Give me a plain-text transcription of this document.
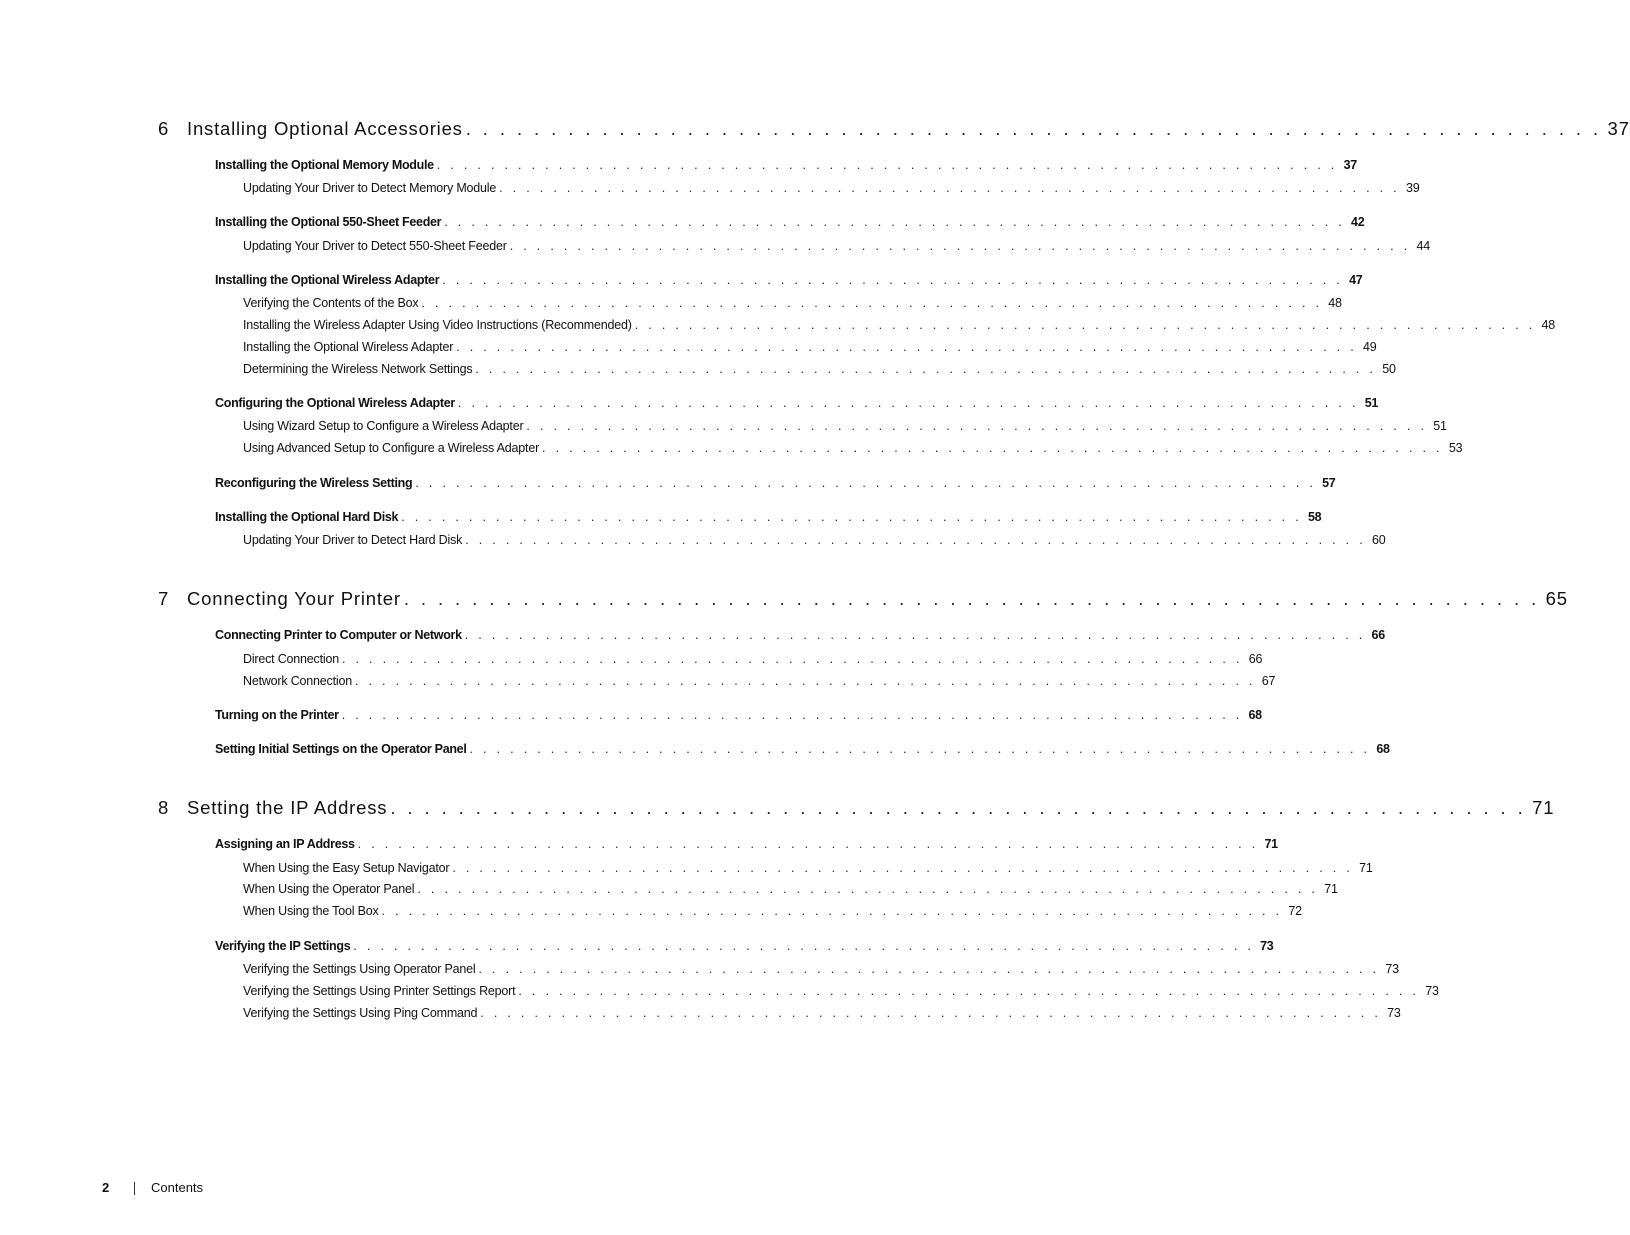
6 Installing Optional Accessories . . . . . . . . . . . . . . . . . . . . . . . . . . . . . . . . . . . . . . . . . . . . . . . . . . . . . . . . . . . . . . . . . . . 37
Installing the Optional Memory Module . . . . . . . . . . . . . . . . . . . . . . . . . . . . . . . . . . . . . . . . . . . . . . . . . . . . . . . . . . . . . . . . . . . 37
Updating Your Driver to Detect Memory Module . . . . . . . . . . . . . . . . . . . . . . . . . . . . . . . . . . . . . . . . . . . . . . . . . . . . . . . . . . . . . . . . . . . 39
Installing the Optional 550-Sheet Feeder . . . . . . . . . . . . . . . . . . . . . . . . . . . . . . . . . . . . . . . . . . . . . . . . . . . . . . . . . . . . . . . . . . . 42
Updating Your Driver to Detect 550-Sheet Feeder . . . . . . . . . . . . . . . . . . . . . . . . . . . . . . . . . . . . . . . . . . . . . . . . . . . . . . . . . . . . . . . . . . . 44
Installing the Optional Wireless Adapter . . . . . . . . . . . . . . . . . . . . . . . . . . . . . . . . . . . . . . . . . . . . . . . . . . . . . . . . . . . . . . . . . . . 47
Verifying the Contents of the Box . . . . . . . . . . . . . . . . . . . . . . . . . . . . . . . . . . . . . . . . . . . . . . . . . . . . . . . . . . . . . . . . . . . 48
Installing the Wireless Adapter Using Video Instructions (Recommended) . . . . . . . . . . . . . . . . . . . . . . . . . . . . . . . . . . . . . . . . . . . . . . . . . . . . . . . . . . . . . . . . . . . 48
Installing the Optional Wireless Adapter . . . . . . . . . . . . . . . . . . . . . . . . . . . . . . . . . . . . . . . . . . . . . . . . . . . . . . . . . . . . . . . . . . . 49
Determining the Wireless Network Settings . . . . . . . . . . . . . . . . . . . . . . . . . . . . . . . . . . . . . . . . . . . . . . . . . . . . . . . . . . . . . . . . . . . 50
Configuring the Optional Wireless Adapter . . . . . . . . . . . . . . . . . . . . . . . . . . . . . . . . . . . . . . . . . . . . . . . . . . . . . . . . . . . . . . . . . . . 51
Using Wizard Setup to Configure a Wireless Adapter . . . . . . . . . . . . . . . . . . . . . . . . . . . . . . . . . . . . . . . . . . . . . . . . . . . . . . . . . . . . . . . . . . . 51
Using Advanced Setup to Configure a Wireless Adapter . . . . . . . . . . . . . . . . . . . . . . . . . . . . . . . . . . . . . . . . . . . . . . . . . . . . . . . . . . . . . . . . . . . 53
Reconfiguring the Wireless Setting . . . . . . . . . . . . . . . . . . . . . . . . . . . . . . . . . . . . . . . . . . . . . . . . . . . . . . . . . . . . . . . . . . . 57
Installing the Optional Hard Disk . . . . . . . . . . . . . . . . . . . . . . . . . . . . . . . . . . . . . . . . . . . . . . . . . . . . . . . . . . . . . . . . . . . 58
Updating Your Driver to Detect Hard Disk . . . . . . . . . . . . . . . . . . . . . . . . . . . . . . . . . . . . . . . . . . . . . . . . . . . . . . . . . . . . . . . . . . . 60
7 Connecting Your Printer . . . . . . . . . . . . . . . . . . . . . . . . . . . . . . . . . . . . . . . . . . . . . . . . . . . . . . . . . . . . . . . . . . . 65
Connecting Printer to Computer or Network . . . . . . . . . . . . . . . . . . . . . . . . . . . . . . . . . . . . . . . . . . . . . . . . . . . . . . . . . . . . . . . . . . . 66
Direct Connection . . . . . . . . . . . . . . . . . . . . . . . . . . . . . . . . . . . . . . . . . . . . . . . . . . . . . . . . . . . . . . . . . . . 66
Network Connection . . . . . . . . . . . . . . . . . . . . . . . . . . . . . . . . . . . . . . . . . . . . . . . . . . . . . . . . . . . . . . . . . . . 67
Turning on the Printer . . . . . . . . . . . . . . . . . . . . . . . . . . . . . . . . . . . . . . . . . . . . . . . . . . . . . . . . . . . . . . . . . . . 68
Setting Initial Settings on the Operator Panel . . . . . . . . . . . . . . . . . . . . . . . . . . . . . . . . . . . . . . . . . . . . . . . . . . . . . . . . . . . . . . . . . . . 68
8 Setting the IP Address . . . . . . . . . . . . . . . . . . . . . . . . . . . . . . . . . . . . . . . . . . . . . . . . . . . . . . . . . . . . . . . . . . . 71
Assigning an IP Address . . . . . . . . . . . . . . . . . . . . . . . . . . . . . . . . . . . . . . . . . . . . . . . . . . . . . . . . . . . . . . . . . . . 71
When Using the Easy Setup Navigator . . . . . . . . . . . . . . . . . . . . . . . . . . . . . . . . . . . . . . . . . . . . . . . . . . . . . . . . . . . . . . . . . . . 71
When Using the Operator Panel . . . . . . . . . . . . . . . . . . . . . . . . . . . . . . . . . . . . . . . . . . . . . . . . . . . . . . . . . . . . . . . . . . . 71
When Using the Tool Box . . . . . . . . . . . . . . . . . . . . . . . . . . . . . . . . . . . . . . . . . . . . . . . . . . . . . . . . . . . . . . . . . . . 72
Verifying the IP Settings . . . . . . . . . . . . . . . . . . . . . . . . . . . . . . . . . . . . . . . . . . . . . . . . . . . . . . . . . . . . . . . . . . . 73
Verifying the Settings Using Operator Panel . . . . . . . . . . . . . . . . . . . . . . . . . . . . . . . . . . . . . . . . . . . . . . . . . . . . . . . . . . . . . . . . . . . 73
Verifying the Settings Using Printer Settings Report . . . . . . . . . . . . . . . . . . . . . . . . . . . . . . . . . . . . . . . . . . . . . . . . . . . . . . . . . . . . . . . . . . . 73
Verifying the Settings Using Ping Command . . . . . . . . . . . . . . . . . . . . . . . . . . . . . . . . . . . . . . . . . . . . . . . . . . . . . . . . . . . . . . . . . . . 73
2	Contents
